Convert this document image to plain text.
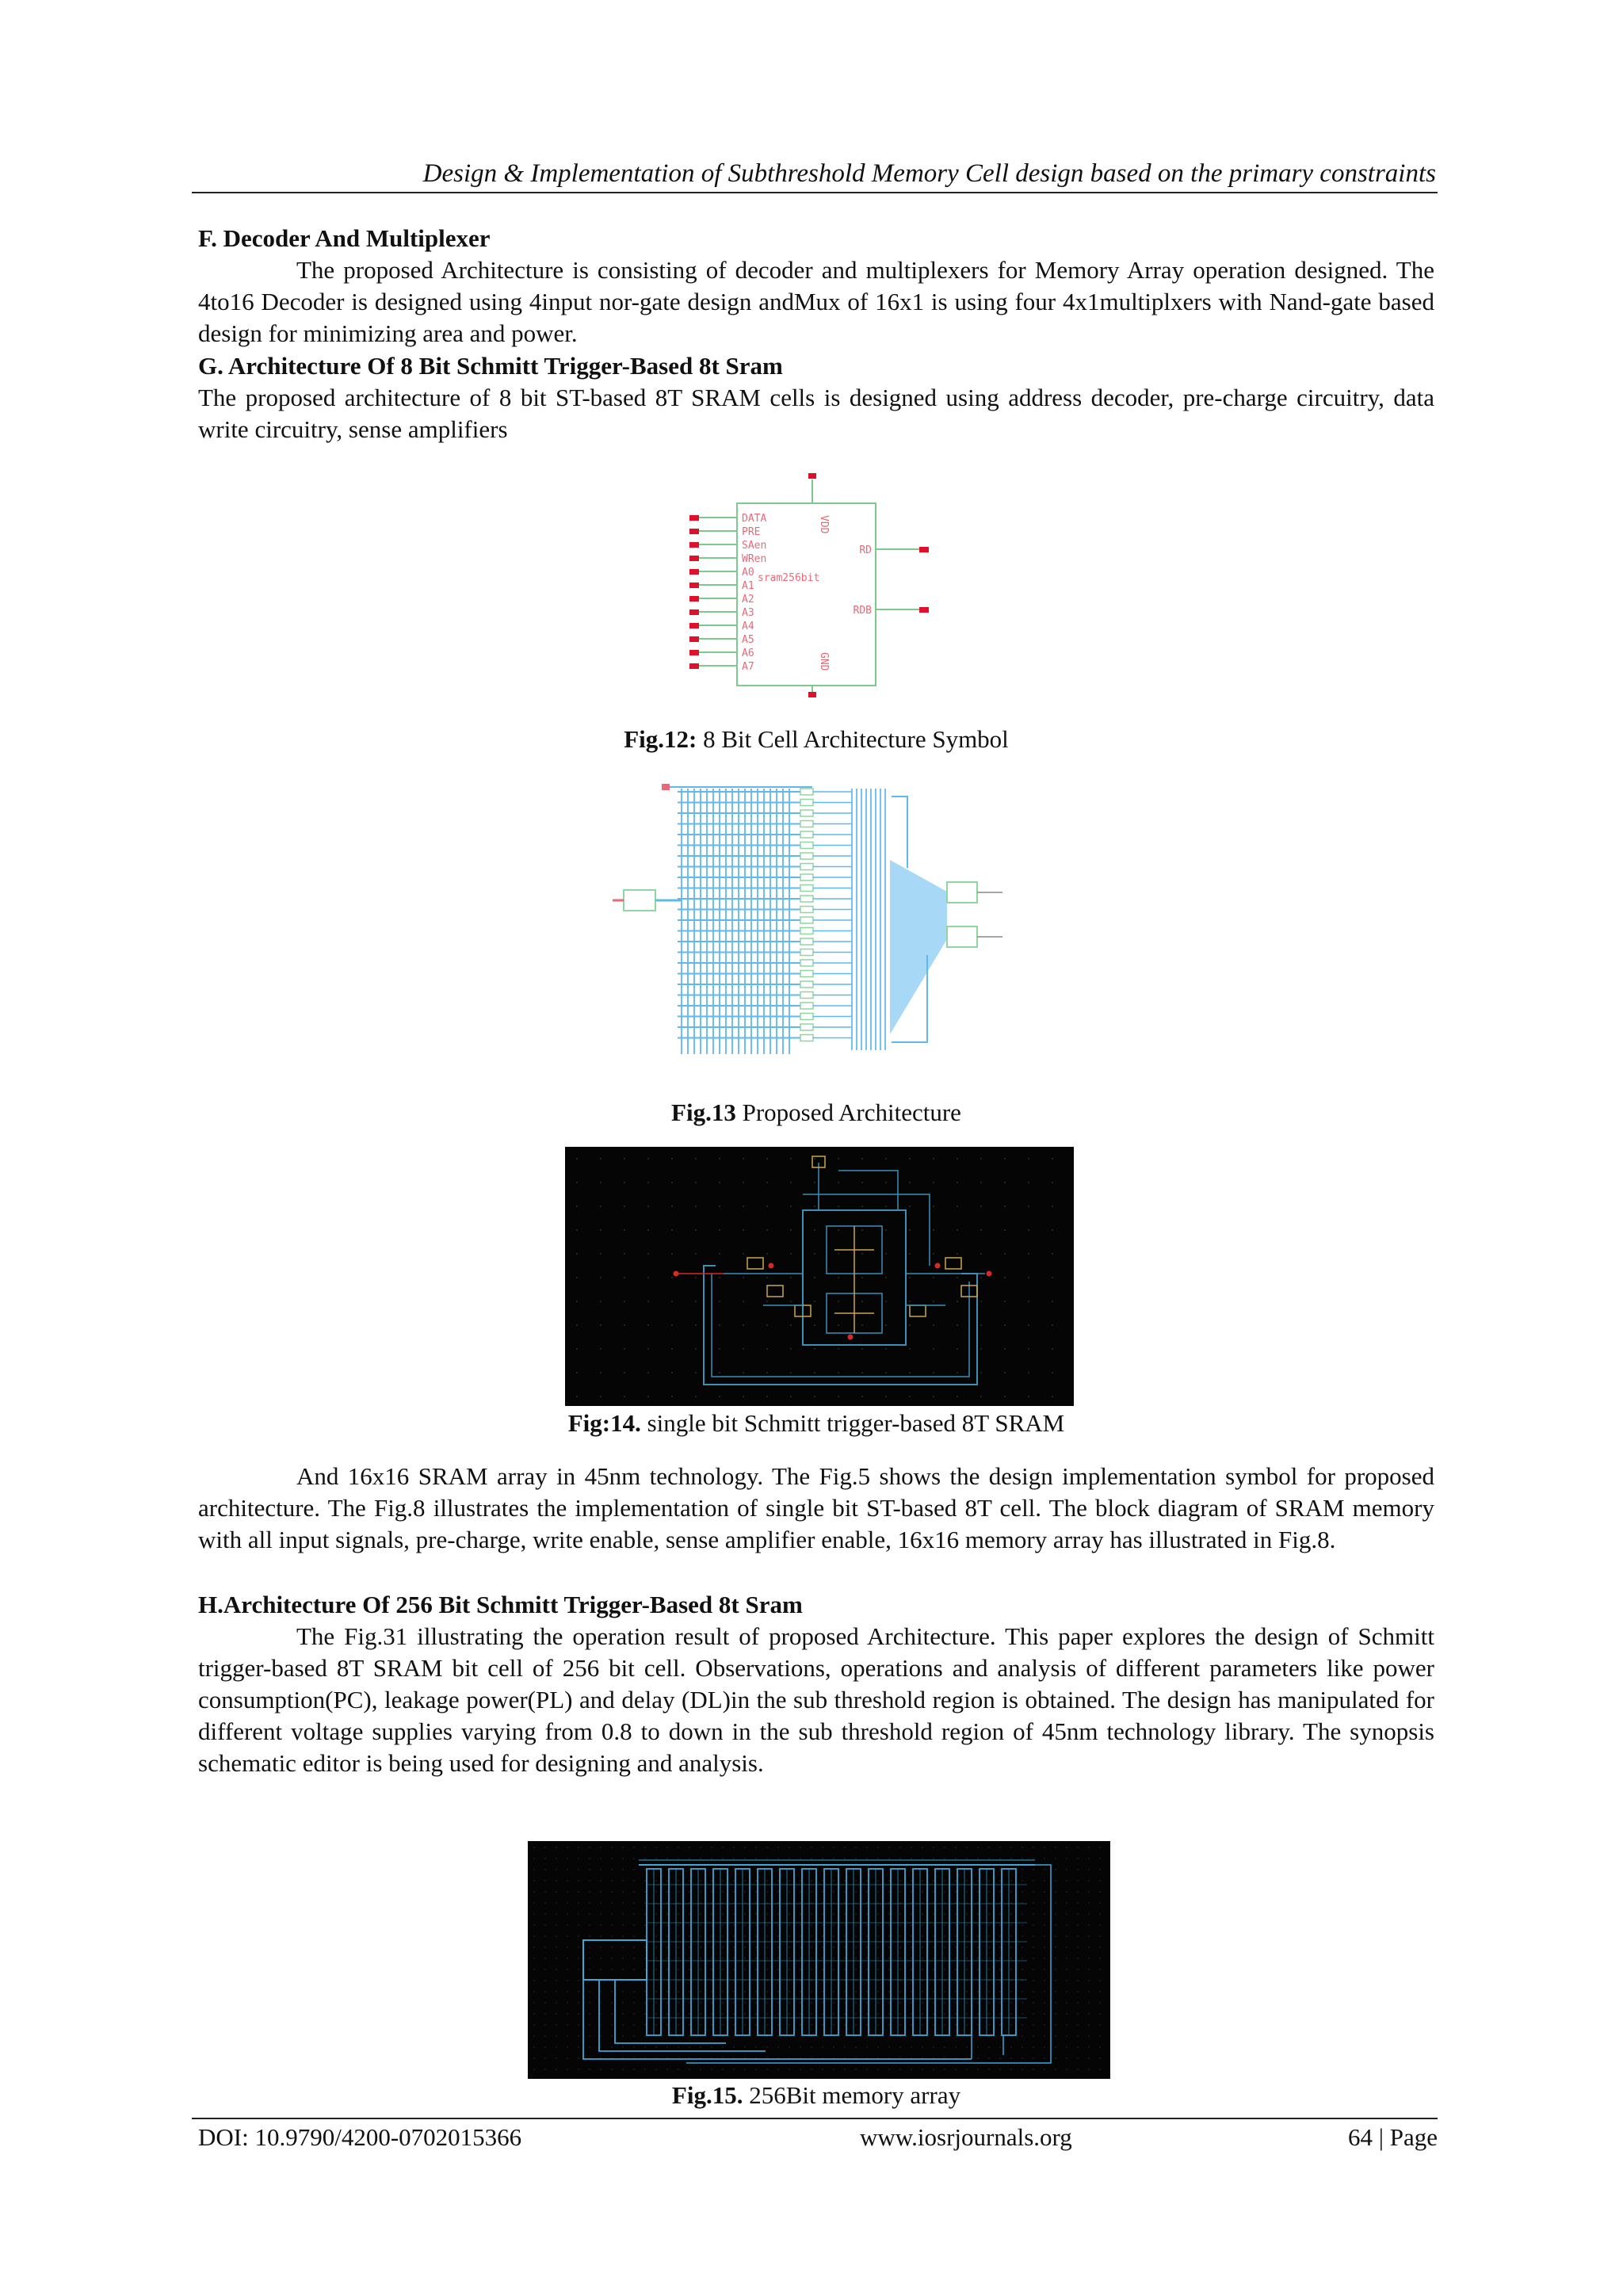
Design & Implementation of Subthreshold Memory Cell design based on the primary constraints
F. Decoder And Multiplexer
The proposed Architecture is consisting of decoder and multiplexers for Memory Array operation designed. The 4to16 Decoder is designed using 4input nor-gate design andMux of 16x1 is using four 4x1multiplxers with Nand-gate based design for minimizing area and power.
G. Architecture Of 8 Bit Schmitt Trigger-Based 8t Sram
The proposed architecture of 8 bit ST-based 8T SRAM cells is designed using address decoder, pre-charge circuitry, data write circuitry, sense amplifiers
VDD
GND
DATA
PRE
SAen
WRen
A0
A1
A2
A3
A4
A5
A6
A7
RD
RDB
sram256bit
Fig.12: 8 Bit Cell Architecture Symbol
Fig.13 Proposed Architecture
Fig:14. single bit Schmitt trigger-based 8T SRAM
And 16x16 SRAM array in 45nm technology. The Fig.5 shows the design implementation symbol for proposed architecture. The Fig.8 illustrates the implementation of single bit ST-based 8T cell. The block diagram of SRAM memory with all input signals, pre-charge, write enable, sense amplifier enable, 16x16 memory array has illustrated in Fig.8.
H.Architecture Of 256 Bit Schmitt Trigger-Based 8t Sram
The Fig.31 illustrating the operation result of proposed Architecture. This paper explores the design of Schmitt trigger-based 8T SRAM bit cell of 256 bit cell. Observations, operations and analysis of different parameters like power consumption(PC), leakage power(PL) and delay (DL)in the sub threshold region is obtained. The design has manipulated for different voltage supplies varying from 0.8 to down in the sub threshold region of 45nm technology library. The synopsis schematic editor is being used for designing and analysis.
Fig.15. 256Bit memory array
DOI: 10.9790/4200-0702015366	www.iosrjournals.org	64 | Page
